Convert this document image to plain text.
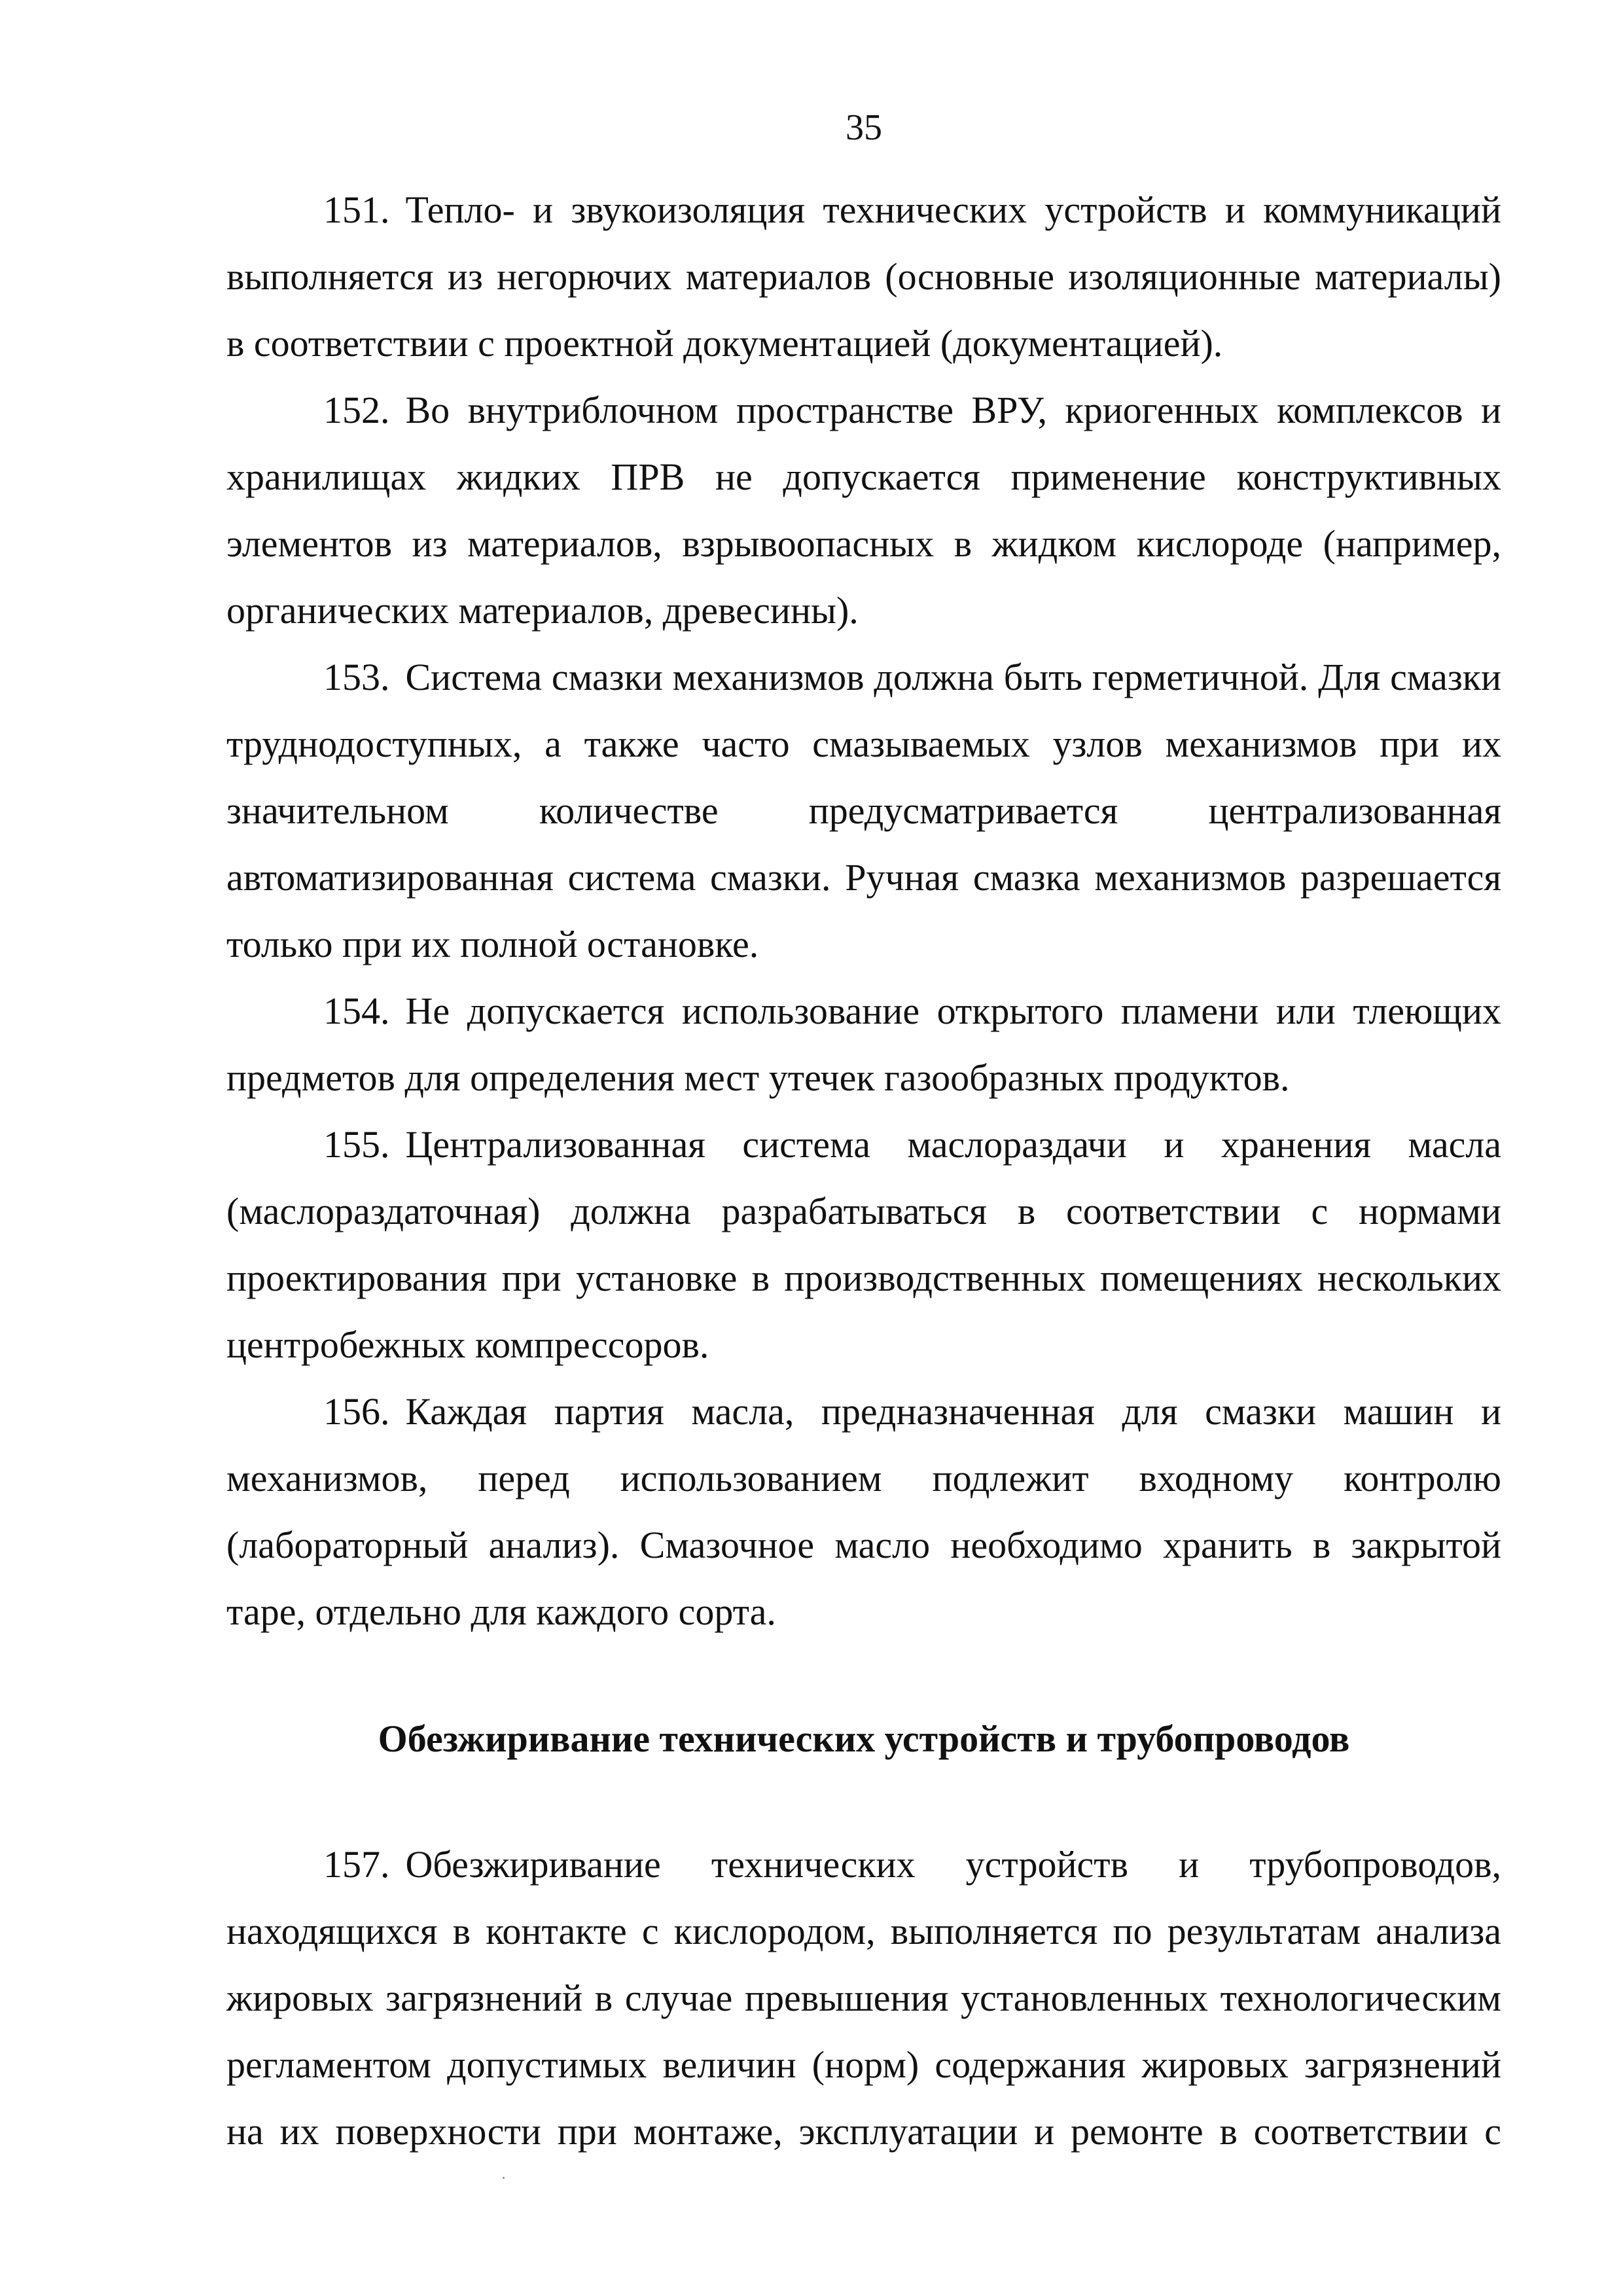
35

151. Тепло- и звукоизоляция технических устройств и коммуникаций выполняется из негорючих материалов (основные изоляционные материалы) в соответствии с проектной документацией (документацией).

152. Во внутриблочном пространстве ВРУ, криогенных комплексов и хранилищах жидких ПРВ не допускается применение конструктивных элементов из материалов, взрывоопасных в жидком кислороде (например, органических материалов, древесины).

153. Система смазки механизмов должна быть герметичной. Для смазки труднодоступных, а также часто смазываемых узлов механизмов при их значительном количестве предусматривается централизованная автоматизированная система смазки. Ручная смазка механизмов разрешается только при их полной остановке.

154. Не допускается использование открытого пламени или тлеющих предметов для определения мест утечек газообразных продуктов.

155. Централизованная система маслораздачи и хранения масла (маслораздаточная) должна разрабатываться в соответствии с нормами проектирования при установке в производственных помещениях нескольких центробежных компрессоров.

156. Каждая партия масла, предназначенная для смазки машин и механизмов, перед использованием подлежит входному контролю (лабораторный анализ). Смазочное масло необходимо хранить в закрытой таре, отдельно для каждого сорта.

Обезжиривание технических устройств и трубопроводов

157. Обезжиривание технических устройств и трубопроводов, находящихся в контакте с кислородом, выполняется по результатам анализа жировых загрязнений в случае превышения установленных технологическим регламентом допустимых величин (норм) содержания жировых загрязнений на их поверхности при монтаже, эксплуатации и ремонте в соответствии с
